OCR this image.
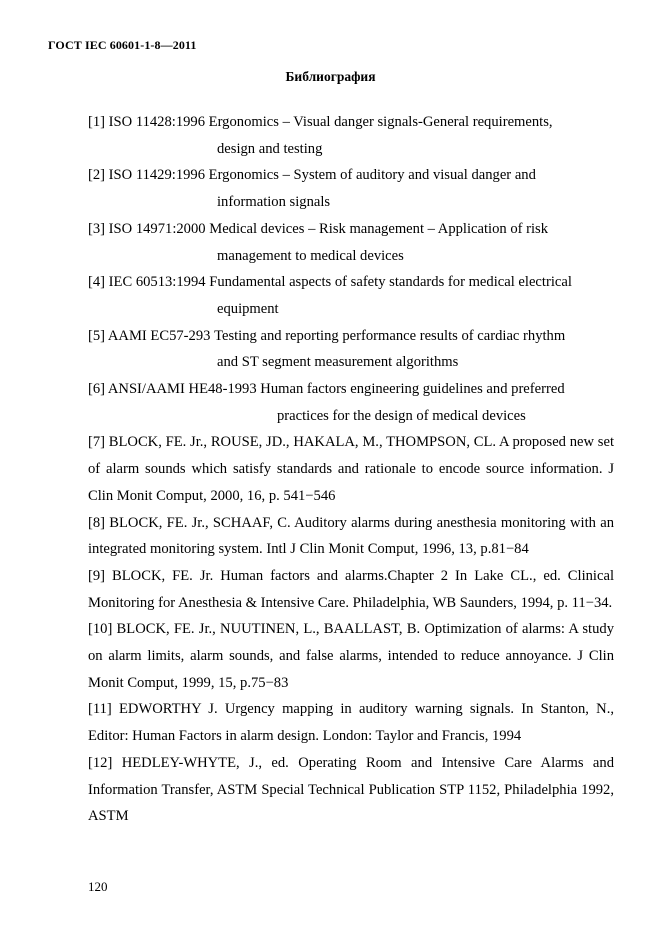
ГОСТ IEC 60601-1-8—2011
Библиография
[1] ISO 11428:1996
Ergonomics – Visual danger signals-General requirements,
design and testing
[2] ISO 11429:1996
Ergonomics – System of auditory and visual danger and
information signals
[3] ISO 14971:2000
Medical devices – Risk management – Application of risk
management to medical devices
[4] IEC 60513:1994
Fundamental aspects of safety standards for medical electrical
equipment
[5] AAMI EC57-293
Testing and reporting performance results of cardiac rhythm
and ST segment measurement algorithms
[6] ANSI/AAMI HE48-1993
Human factors engineering guidelines and preferred
practices for the design of medical devices
[7] BLOCK, FE. Jr., ROUSE, JD., HAKALA, M., THOMPSON, CL. A proposed new set of alarm sounds which satisfy standards and rationale to encode source information. J Clin Monit Comput, 2000, 16, p. 541−546
[8] BLOCK, FE. Jr., SCHAAF, C. Auditory alarms during anesthesia monitoring with an integrated monitoring system. Intl J Clin Monit Comput, 1996, 13, p.81−84
[9] BLOCK, FE. Jr. Human factors and alarms.Chapter 2 In Lake CL., ed. Clinical Monitoring for Anesthesia & Intensive Care. Philadelphia, WB Saunders, 1994, p. 11−34.
[10] BLOCK, FE. Jr., NUUTINEN, L., BAALLAST, B. Optimization of alarms: A study on alarm limits, alarm sounds, and false alarms, intended to reduce annoyance. J Clin Monit Comput, 1999, 15, p.75−83
[11] EDWORTHY J. Urgency mapping in auditory warning signals. In Stanton, N., Editor: Human Factors in alarm design. London: Taylor and Francis, 1994
[12] HEDLEY-WHYTE, J., ed. Operating Room and Intensive Care Alarms and Information Transfer, ASTM Special Technical Publication STP 1152, Philadelphia 1992, ASTM
120
